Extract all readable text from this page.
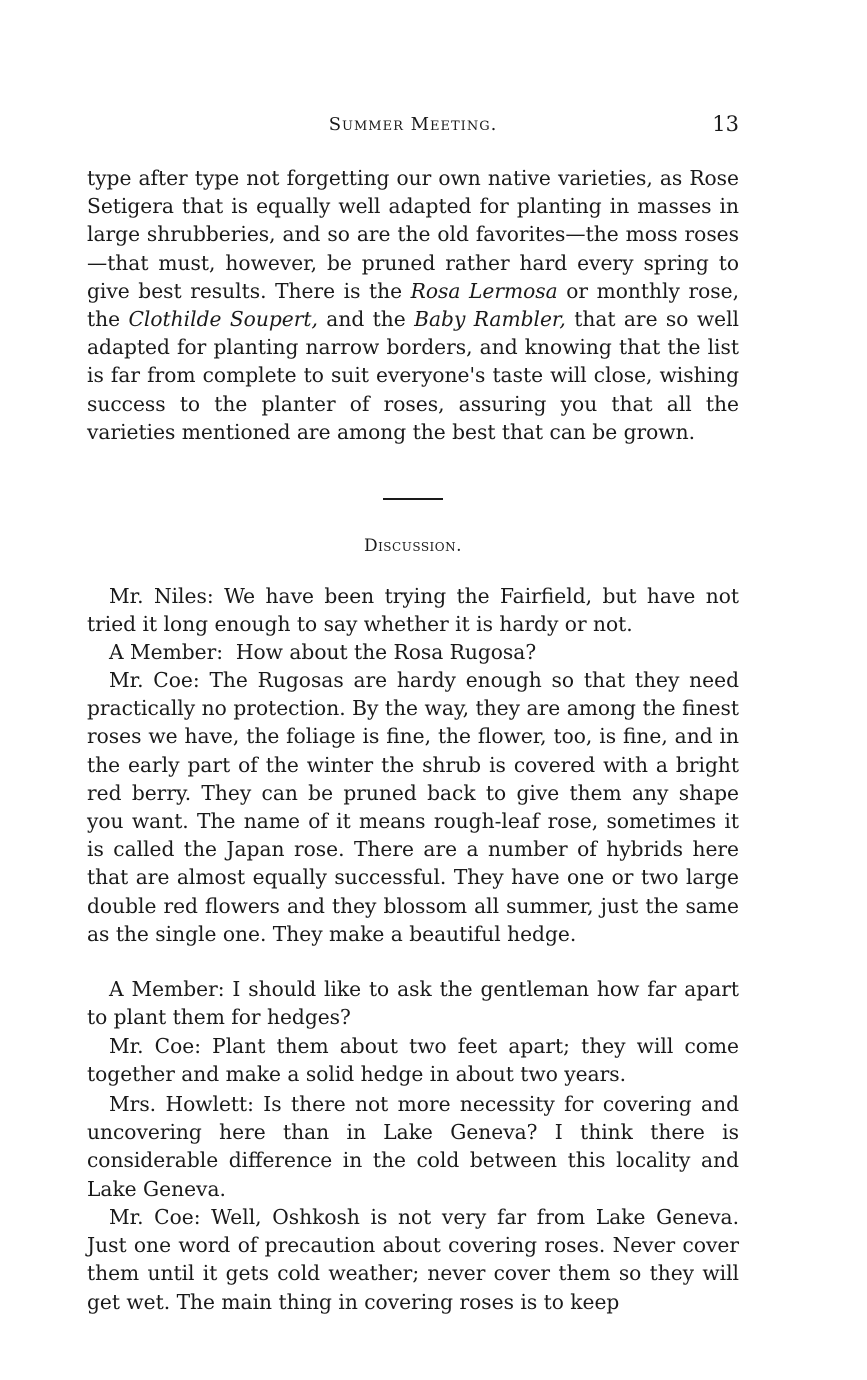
Summer Meeting.	13

type after type not forgetting our own native varieties, as Rose Setigera that is equally well adapted for planting in masses in large shrubberies, and so are the old favorites—the moss roses—that must, however, be pruned rather hard every spring to give best results. There is the Rosa Lermosa or monthly rose, the Clothilde Soupert, and the Baby Rambler, that are so well adapted for planting narrow borders, and knowing that the list is far from complete to suit everyone's taste will close, wishing success to the planter of roses, assuring you that all the varieties mentioned are among the best that can be grown.

Discussion.

Mr. Niles: We have been trying the Fairfield, but have not tried it long enough to say whether it is hardy or not.

A Member:  How about the Rosa Rugosa?

Mr. Coe: The Rugosas are hardy enough so that they need practically no protection. By the way, they are among the finest roses we have, the foliage is fine, the flower, too, is fine, and in the early part of the winter the shrub is covered with a bright red berry. They can be pruned back to give them any shape you want. The name of it means rough-leaf rose, sometimes it is called the Japan rose. There are a number of hybrids here that are almost equally successful. They have one or two large double red flowers and they blossom all summer, just the same as the single one. They make a beautiful hedge.

A Member: I should like to ask the gentleman how far apart to plant them for hedges?

Mr. Coe: Plant them about two feet apart; they will come together and make a solid hedge in about two years.

Mrs. Howlett: Is there not more necessity for covering and uncovering here than in Lake Geneva? I think there is considerable difference in the cold between this locality and Lake Geneva.

Mr. Coe: Well, Oshkosh is not very far from Lake Geneva. Just one word of precaution about covering roses. Never cover them until it gets cold weather; never cover them so they will get wet. The main thing in covering roses is to keep
